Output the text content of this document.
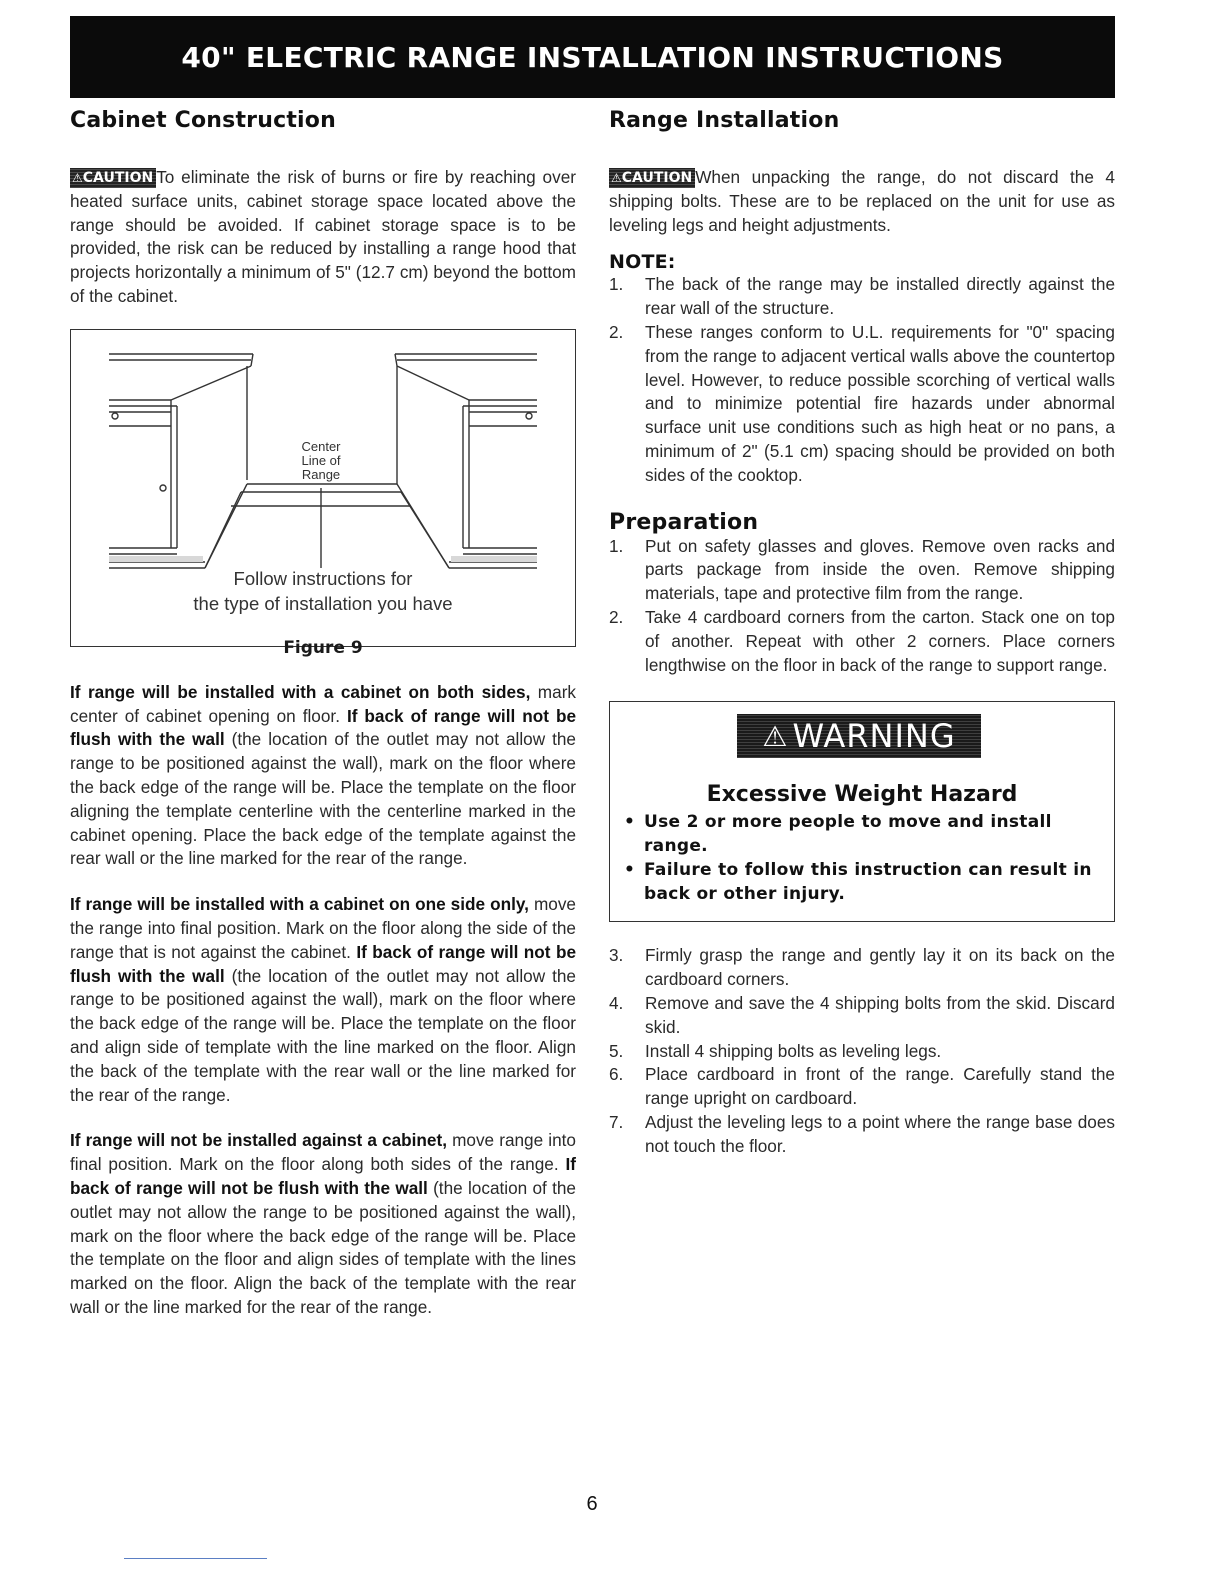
40" ELECTRIC RANGE INSTALLATION INSTRUCTIONS
Cabinet Construction

⚠CAUTION To eliminate the risk of burns or fire by reaching over heated surface units, cabinet storage space located above the range should be avoided. If cabinet storage space is to be provided, the risk can be reduced by installing a range hood that projects horizontally a minimum of 5" (12.7 cm) beyond the bottom of the cabinet.

Center
Line of
Range
Follow instructions for
the type of installation you have
Figure 9

If range will be installed with a cabinet on both sides, mark center of cabinet opening on floor. If back of range will not be flush with the wall (the location of the outlet may not allow the range to be positioned against the wall), mark on the floor where the back edge of the range will be. Place the template on the floor aligning the template centerline with the centerline marked in the cabinet opening. Place the back edge of the template against the rear wall or the line marked for the rear of the range.

If range will be installed with a cabinet on one side only, move the range into final position. Mark on the floor along the side of the range that is not against the cabinet. If back of range will not be flush with the wall (the location of the outlet may not allow the range to be positioned against the wall), mark on the floor where the back edge of the range will be. Place the template on the floor and align side of template with the line marked on the floor. Align the back of the template with the rear wall or the line marked for the rear of the range.

If range will not be installed against a cabinet, move range into final position. Mark on the floor along both sides of the range. If back of range will not be flush with the wall (the location of the outlet may not allow the range to be positioned against the wall), mark on the floor where the back edge of the range will be. Place the template on the floor and align sides of template with the lines marked on the floor. Align the back of the template with the rear wall or the line marked for the rear of the range.

Range Installation

⚠CAUTION When unpacking the range, do not discard the 4 shipping bolts. These are to be replaced on the unit for use as leveling legs and height adjustments.

NOTE:
1.	The back of the range may be installed directly against the rear wall of the structure.
2.	These ranges conform to U.L. requirements for "0" spacing from the range to adjacent vertical walls above the countertop level. However, to reduce possible scorching of vertical walls and to minimize potential fire hazards under abnormal surface unit use conditions such as high heat or no pans, a minimum of 2" (5.1 cm) spacing should be provided on both sides of the cooktop.
Preparation
1.	Put on safety glasses and gloves. Remove oven racks and parts package from inside the oven. Remove shipping materials, tape and protective film from the range.
2.	Take 4 cardboard corners from the carton. Stack one on top of another. Repeat with other 2 corners. Place corners lengthwise on the floor in back of the range to support range.
⚠ WARNING
Excessive Weight Hazard
• Use 2 or more people to move and install range.
• Failure to follow this instruction can result in back or other injury.
3.	Firmly grasp the range and gently lay it on its back on the cardboard corners.
4.	Remove and save the 4 shipping bolts from the skid. Discard skid.
5.	Install 4 shipping bolts as leveling legs.
6.	Place cardboard in front of the range. Carefully stand the range upright on cardboard.
7.	Adjust the leveling legs to a point where the range base does not touch the floor.
6
